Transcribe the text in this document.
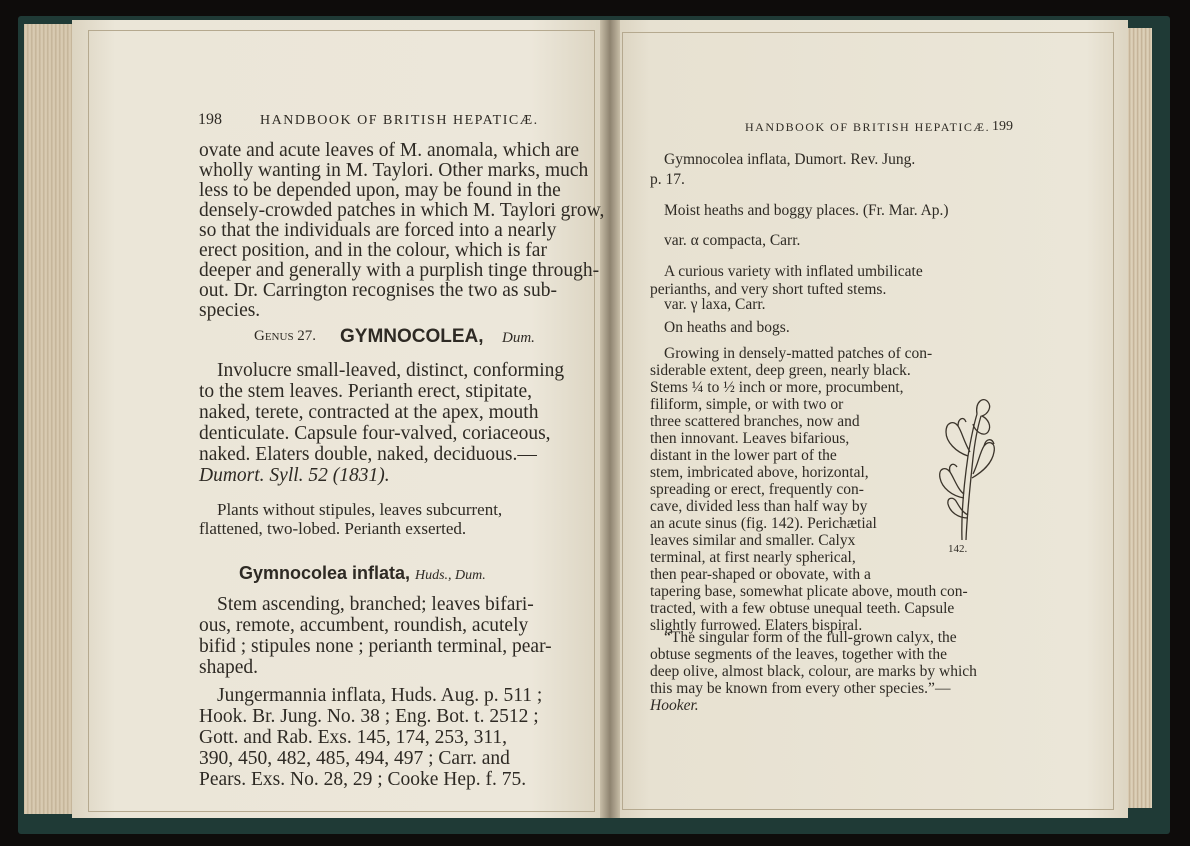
198	HANDBOOK OF BRITISH HEPATICÆ.
ovate and acute leaves of M. anomala, which are
wholly wanting in M. Taylori. Other marks, much
less to be depended upon, may be found in the
densely-crowded patches in which M. Taylori grow,
so that the individuals are forced into a nearly
erect position, and in the colour, which is far
deeper and generally with a purplish tinge through-
out. Dr. Carrington recognises the two as sub-
species.
Genus 27. GYMNOCOLEA, Dum.
Involucre small-leaved, distinct, conforming
to the stem leaves. Perianth erect, stipitate,
naked, terete, contracted at the apex, mouth
denticulate. Capsule four-valved, coriaceous,
naked. Elaters double, naked, deciduous.—
Dumort. Syll. 52 (1831).
Plants without stipules, leaves subcurrent,
flattened, two-lobed. Perianth exserted.
Gymnocolea inflata, Huds., Dum.
Stem ascending, branched; leaves bifari-
ous, remote, accumbent, roundish, acutely
bifid ; stipules none ; perianth terminal, pear-
shaped.
Jungermannia inflata, Huds. Aug. p. 511 ;
Hook. Br. Jung. No. 38 ; Eng. Bot. t. 2512 ;
Gott. and Rab. Exs. 145, 174, 253, 311,
390, 450, 482, 485, 494, 497 ; Carr. and
Pears. Exs. No. 28, 29 ; Cooke Hep. f. 75.
HANDBOOK OF BRITISH HEPATICÆ. 199
Gymnocolea inflata, Dumort. Rev. Jung.
p. 17.
Moist heaths and boggy places. (Fr. Mar. Ap.)
var. α compacta, Carr.
A curious variety with inflated umbilicate
perianths, and very short tufted stems.
var. γ laxa, Carr.
On heaths and bogs.
Growing in densely-matted patches of con-
siderable extent, deep green, nearly black.
Stems ¼ to ½ inch or more, procumbent,
filiform, simple, or with two or
three scattered branches, now and
then innovant. Leaves bifarious,
distant in the lower part of the
stem, imbricated above, horizontal,
spreading or erect, frequently con-
cave, divided less than half way by
an acute sinus (fig. 142). Perichætial
leaves similar and smaller. Calyx
terminal, at first nearly spherical,
then pear-shaped or obovate, with a
tapering base, somewhat plicate above, mouth con-
tracted, with a few obtuse unequal teeth. Capsule
slightly furrowed. Elaters bispiral.
142.
“The singular form of the full-grown calyx, the
obtuse segments of the leaves, together with the
deep olive, almost black, colour, are marks by which
this may be known from every other species.”—
Hooker.
